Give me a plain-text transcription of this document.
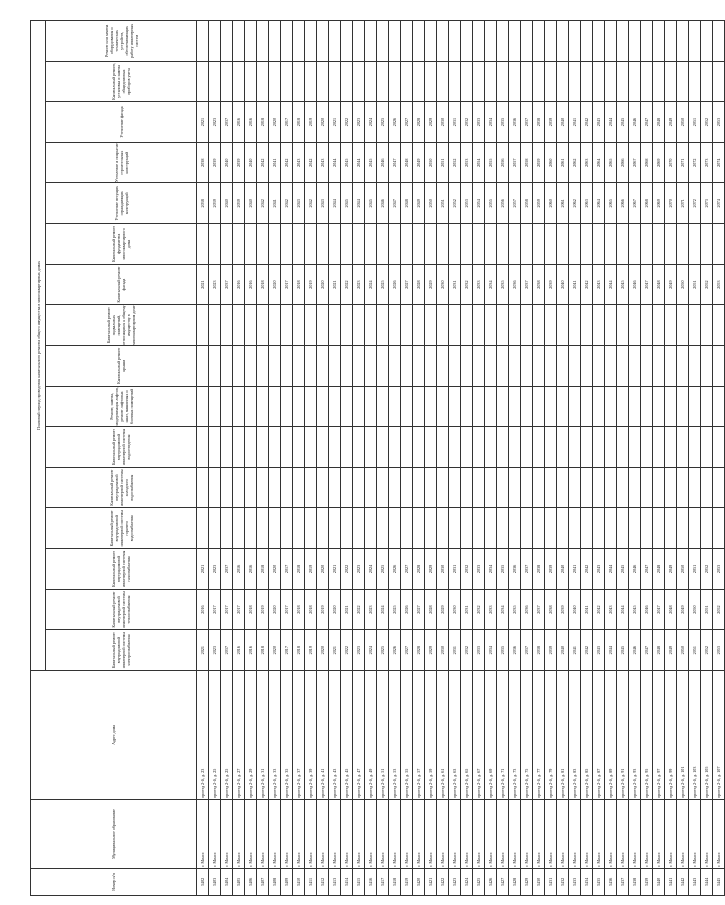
Номер п/п	Муниципальное образование	Адрес дома	Плановый период проведения капитального ремонта общего имущества в многоквартирных домах															
			Капитальный ремонт внутридомовой инженерной системы электроснабжения	Капитальный ремонт внутридомовой инженерной системы теплоснабжения	Капитальный ремонт внутридомовой инженерной системы газоснабжения	Капитальный ремонт внутридомовой инженерной системы горячего водоснабжения	Капитальный ремонт внутридомовой инженерной системы холодного водоснабжения	Капитальный ремонт внутридомовой инженерной системы водоотведения	Ремонт, замена, модернизация лифтов, ремонт лифтовых шахт, машинных и блочных помещений	Капитальный ремонт крыши	Капитальный ремонт подвальных помещений, относящихся к общему имуществу в многоквартирном доме	Капитальный ремонт фасада	Капитальный ремонт фундамента многоквартирного дома	Утепление несущих ограждающих конструкций	Утепление и покрытие строительных конструкций	Утепление фасада	Капитальный ремонт, установка и замена общедомовых приборов учета	Ремонт или замена оборудования и технических устройств, обеспечивающих работу инженерных систем
3402	г. Миасс	проезд 2-й, д. 23	2021	2016	2021							2021		2038	2038	2021		
3403	г. Миасс	проезд 2-й, д. 25	2023	2017	2023							2023		2039	2039	2023		
3404	г. Миасс	проезд 2-й, д. 25	2037	2017	2037							2037		2040	2040	2037		
3405	г. Миасс	проезд 2-й, д. 27	2016	2017	2016							2016		2039	2039	2016		
3406	г. Миасс	проезд 2-й, д. 29	2016	2018	2016							2016		2040	2040	2016		
3407	г. Миасс	проезд 2-й, д. 31	2018	2019	2018							2018		2042	2042	2018		
3408	г. Миасс	проезд 2-й, д. 33	2020	2020	2020							2020		2041	2041	2020		
3409	г. Миасс	проезд 2-й, д. 35	2017	2017	2017							2017		2042	2042	2017		
3410	г. Миасс	проезд 2-й, д. 37	2018	2018	2018							2018		2043	2043	2018		
3411	г. Миасс	проезд 2-й, д. 39	2019	2018	2019							2019		2042	2042	2019		
3412	г. Миасс	проезд 2-й, д. 41	2020	2019	2020							2020		2043	2043	2020		
3413	г. Миасс	проезд 2-й, д. 43	2021	2020	2021							2021		2044	2044	2021		
3414	г. Миасс	проезд 2-й, д. 45	2022	2021	2022							2022		2045	2045	2022		
3415	г. Миасс	проезд 2-й, д. 47	2023	2022	2023							2023		2044	2044	2023		
3416	г. Миасс	проезд 2-й, д. 49	2024	2023	2024							2024		2045	2045	2024		
3417	г. Миасс	проезд 2-й, д. 51	2025	2024	2025							2025		2046	2046	2025		
3418	г. Миасс	проезд 2-й, д. 53	2026	2025	2026							2026		2047	2047	2026		
3419	г. Миасс	проезд 2-й, д. 55	2027	2026	2027							2027		2048	2048	2027		
3420	г. Миасс	проезд 2-й, д. 57	2028	2027	2028							2028		2049	2049	2028		
3421	г. Миасс	проезд 2-й, д. 59	2029	2028	2029							2029		2050	2050	2029		
3422	г. Миасс	проезд 2-й, д. 61	2030	2029	2030							2030		2051	2051	2030		
3423	г. Миасс	проезд 2-й, д. 63	2031	2030	2031							2031		2052	2052	2031		
3424	г. Миасс	проезд 2-й, д. 65	2032	2031	2032							2032		2053	2053	2032		
3425	г. Миасс	проезд 2-й, д. 67	2033	2032	2033							2033		2054	2054	2033		
3426	г. Миасс	проезд 2-й, д. 69	2034	2033	2034							2034		2055	2055	2034		
3427	г. Миасс	проезд 2-й, д. 71	2035	2034	2035							2035		2056	2056	2035		
3428	г. Миасс	проезд 2-й, д. 73	2036	2035	2036							2036		2057	2057	2036		
3429	г. Миасс	проезд 2-й, д. 75	2037	2036	2037							2037		2058	2058	2037		
3430	г. Миасс	проезд 2-й, д. 77	2038	2037	2038							2038		2059	2059	2038		
3431	г. Миасс	проезд 2-й, д. 79	2039	2038	2039							2039		2060	2060	2039		
3432	г. Миасс	проезд 2-й, д. 81	2040	2039	2040							2040		2061	2061	2040		
3433	г. Миасс	проезд 2-й, д. 83	2041	2040	2041							2041		2062	2062	2041		
3434	г. Миасс	проезд 2-й, д. 85	2042	2041	2042							2042		2063	2063	2042		
3435	г. Миасс	проезд 2-й, д. 87	2043	2042	2043							2043		2064	2064	2043		
3436	г. Миасс	проезд 2-й, д. 89	2044	2043	2044							2044		2065	2065	2044		
3437	г. Миасс	проезд 2-й, д. 91	2045	2044	2045							2045		2066	2066	2045		
3438	г. Миасс	проезд 2-й, д. 93	2046	2045	2046							2046		2067	2067	2046		
3439	г. Миасс	проезд 2-й, д. 95	2047	2046	2047							2047		2068	2068	2047		
3440	г. Миасс	проезд 2-й, д. 97	2048	2047	2048							2048		2069	2069	2048		
3441	г. Миасс	проезд 2-й, д. 99	2049	2048	2049							2049		2070	2070	2049		
3442	г. Миасс	проезд 2-й, д. 101	2050	2049	2050							2050		2071	2071	2050		
3443	г. Миасс	проезд 2-й, д. 103	2051	2050	2051							2051		2072	2072	2051		
3444	г. Миасс	проезд 2-й, д. 105	2052	2051	2052							2052		2073	2073	2052		
3445	г. Миасс	проезд 2-й, д. 107	2053	2052	2053							2053		2074	2074	2053		
